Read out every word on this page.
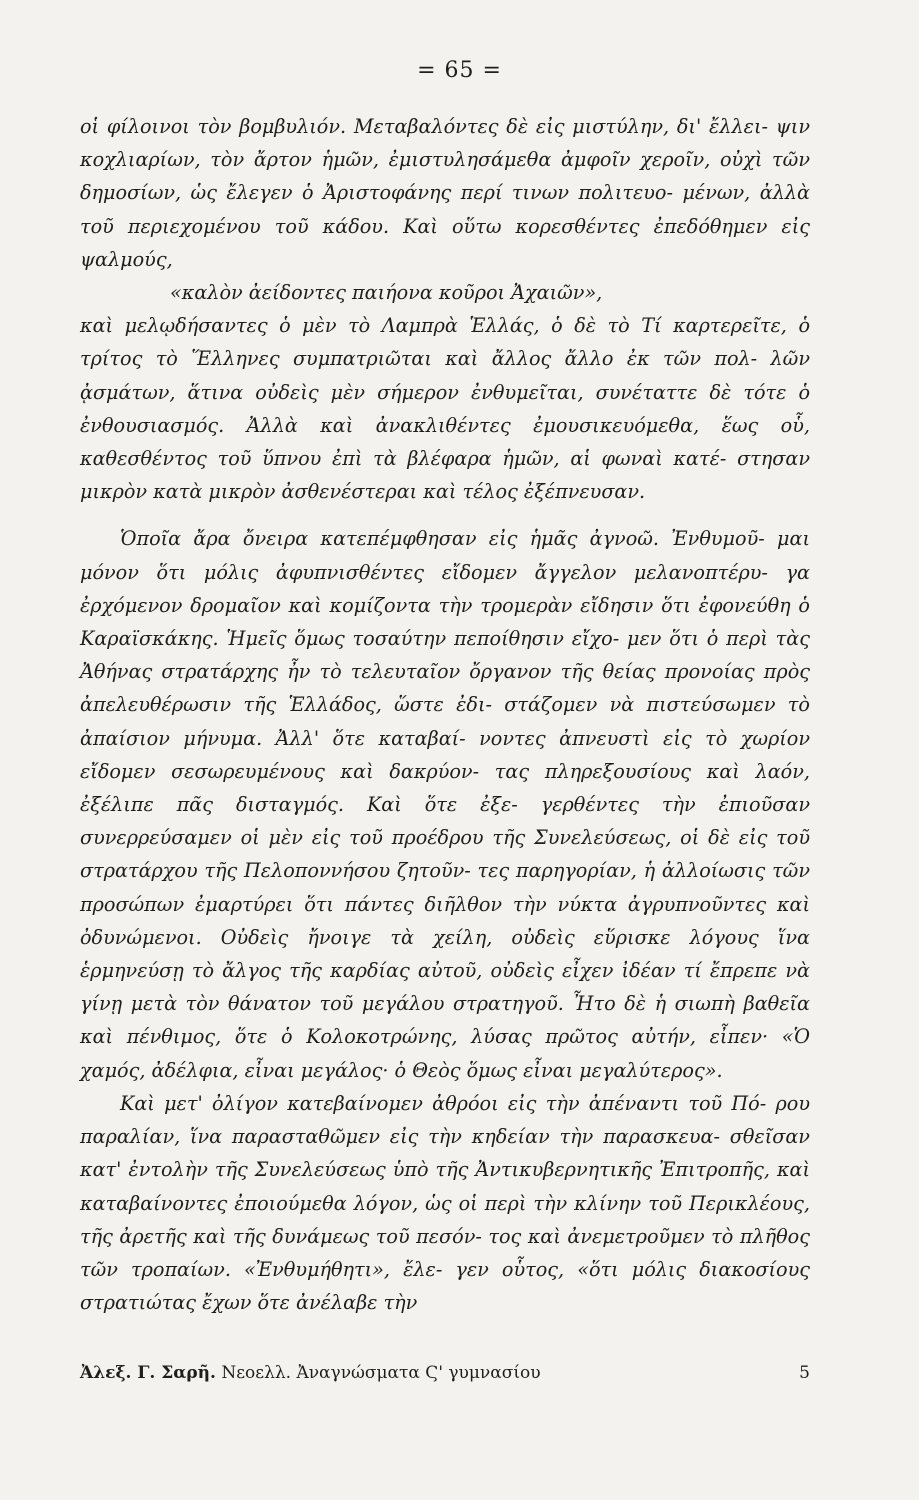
= 65 =

οἱ φίλοινοι τὸν βομβυλιόν. Μεταβαλόντες δὲ εἰς μιστύλην, δι' ἔλλει- ψιν κοχλιαρίων, τὸν ἄρτον ἡμῶν, ἐμιστυλησάμεθα ἀμφοῖν χεροῖν, οὐχὶ τῶν δημοσίων, ὡς ἔλεγεν ὁ Ἀριστοφάνης περί τινων πολιτευο- μένων, ἀλλὰ τοῦ περιεχομένου τοῦ κάδου. Καὶ οὕτω κορεσθέντες ἐπεδόθημεν εἰς ψαλμούς,
«καλὸν ἀείδοντες παιήονα κοῦροι Ἀχαιῶν»,
καὶ μελῳδήσαντες ὁ μὲν τὸ Λαμπρὰ Ἑλλάς, ὁ δὲ τὸ Τί καρτερεῖτε, ὁ τρίτος τὸ Ἕλληνες συμπατριῶται καὶ ἄλλος ἄλλο ἐκ τῶν πολ- λῶν ᾀσμάτων, ἅτινα οὐδεὶς μὲν σήμερον ἐνθυμεῖται, συνέταττε δὲ τότε ὁ ἐνθουσιασμός. Ἀλλὰ καὶ ἀνακλιθέντες ἐμουσικευόμεθα, ἕως οὗ, καθεσθέντος τοῦ ὕπνου ἐπὶ τὰ βλέφαρα ἡμῶν, αἱ φωναὶ κατέ- στησαν μικρὸν κατὰ μικρὸν ἀσθενέστεραι καὶ τέλος ἐξέπνευσαν.

Ὁποῖα ἄρα ὄνειρα κατεπέμφθησαν εἰς ἡμᾶς ἀγνοῶ. Ἐνθυμοῦ- μαι μόνον ὅτι μόλις ἀφυπνισθέντες εἴδομεν ἄγγελον μελανοπτέρυ- γα ἐρχόμενον δρομαῖον καὶ κομίζοντα τὴν τρομερὰν εἴδησιν ὅτι ἐφονεύθη ὁ Καραϊσκάκης. Ἡμεῖς ὅμως τοσαύτην πεποίθησιν εἴχο- μεν ὅτι ὁ περὶ τὰς Ἀθήνας στρατάρχης ἦν τὸ τελευταῖον ὄργανον τῆς θείας προνοίας πρὸς ἀπελευθέρωσιν τῆς Ἑλλάδος, ὥστε ἐδι- στάζομεν νὰ πιστεύσωμεν τὸ ἀπαίσιον μήνυμα. Ἀλλ' ὅτε καταβαί- νοντες ἀπνευστὶ εἰς τὸ χωρίον εἴδομεν σεσωρευμένους καὶ δακρύον- τας πληρεξουσίους καὶ λαόν, ἐξέλιπε πᾶς δισταγμός. Καὶ ὅτε ἐξε- γερθέντες τὴν ἐπιοῦσαν συνερρεύσαμεν οἱ μὲν εἰς τοῦ προέδρου τῆς Συνελεύσεως, οἱ δὲ εἰς τοῦ στρατάρχου τῆς Πελοποννήσου ζητοῦν- τες παρηγορίαν, ἡ ἀλλοίωσις τῶν προσώπων ἐμαρτύρει ὅτι πάντες διῆλθον τὴν νύκτα ἀγρυπνοῦντες καὶ ὀδυνώμενοι. Οὐδεὶς ἤνοιγε τὰ χείλη, οὐδεὶς εὕρισκε λόγους ἵνα ἑρμηνεύσῃ τὸ ἄλγος τῆς καρδίας αὐτοῦ, οὐδεὶς εἶχεν ἰδέαν τί ἔπρεπε νὰ γίνῃ μετὰ τὸν θάνατον τοῦ μεγάλου στρατηγοῦ. Ἦτο δὲ ἡ σιωπὴ βαθεῖα καὶ πένθιμος, ὅτε ὁ Κολοκοτρώνης, λύσας πρῶτος αὐτήν, εἶπεν· «Ὁ χαμός, ἀδέλφια, εἶναι μεγάλος· ὁ Θεὸς ὅμως εἶναι μεγαλύτερος».

Καὶ μετ' ὀλίγον κατεβαίνομεν ἀθρόοι εἰς τὴν ἀπέναντι τοῦ Πό- ρου παραλίαν, ἵνα παρασταθῶμεν εἰς τὴν κηδείαν τὴν παρασκευα- σθεῖσαν κατ' ἐντολὴν τῆς Συνελεύσεως ὑπὸ τῆς Ἀντικυβερνητικῆς Ἐπιτροπῆς, καὶ καταβαίνοντες ἐποιούμεθα λόγον, ὡς οἱ περὶ τὴν κλίνην τοῦ Περικλέους, τῆς ἀρετῆς καὶ τῆς δυνάμεως τοῦ πεσόν- τος καὶ ἀνεμετροῦμεν τὸ πλῆθος τῶν τροπαίων. «Ἐνθυμήθητι», ἔλε- γεν οὗτος, «ὅτι μόλις διακοσίους στρατιώτας ἔχων ὅτε ἀνέλαβε τὴν

Ἀλεξ. Γ. Σαρῆ. Νεοελλ. Ἀναγνώσματα Ϛ' γυμνασίου	5
